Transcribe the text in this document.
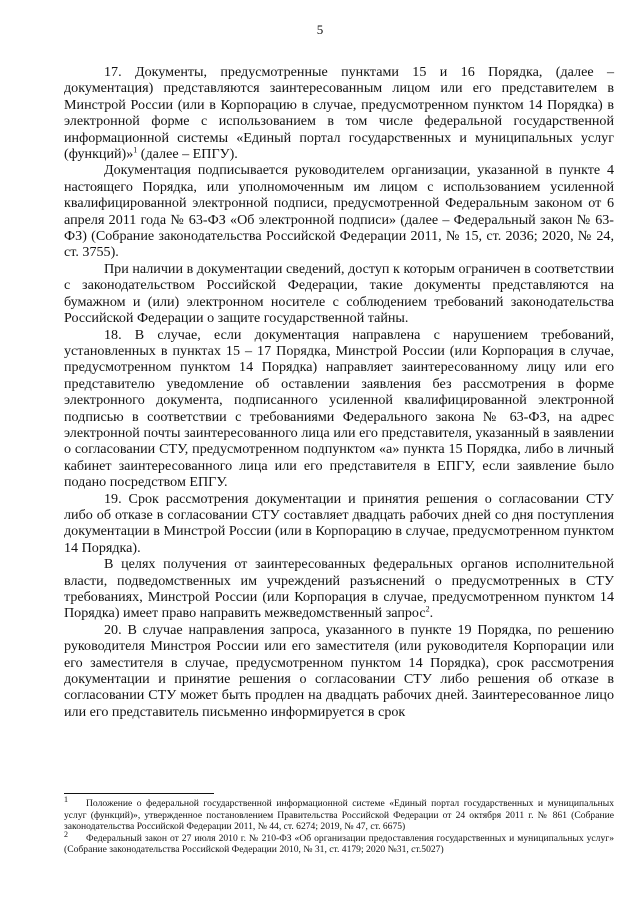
5

17. Документы, предусмотренные пунктами 15 и 16 Порядка, (далее – документация) представляются заинтересованным лицом или его представителем в Минстрой России (или в Корпорацию в случае, предусмотренном пунктом 14 Порядка) в электронной форме с использованием в том числе федеральной государственной информационной системы «Единый портал государственных и муниципальных услуг (функций)»$^1$ (далее – ЕПГУ).

Документация подписывается руководителем организации, указанной в пункте 4 настоящего Порядка, или уполномоченным им лицом с использованием усиленной квалифицированной электронной подписи, предусмотренной Федеральным законом от 6 апреля 2011 года № 63-ФЗ «Об электронной подписи» (далее – Федеральный закон № 63-ФЗ) (Собрание законодательства Российской Федерации 2011, № 15, ст. 2036; 2020, № 24, ст. 3755).

При наличии в документации сведений, доступ к которым ограничен в соответствии с законодательством Российской Федерации, такие документы представляются на бумажном и (или) электронном носителе с соблюдением требований законодательства Российской Федерации о защите государственной тайны.

18. В случае, если документация направлена с нарушением требований, установленных в пунктах 15 – 17 Порядка, Минстрой России (или Корпорация в случае, предусмотренном пунктом 14 Порядка) направляет заинтересованному лицу или его представителю уведомление об оставлении заявления без рассмотрения в форме электронного документа, подписанного усиленной квалифицированной электронной подписью в соответствии с требованиями Федерального закона № 63-ФЗ, на адрес электронной почты заинтересованного лица или его представителя, указанный в заявлении о согласовании СТУ, предусмотренном подпунктом «а» пункта 15 Порядка, либо в личный кабинет заинтересованного лица или его представителя в ЕПГУ, если заявление было подано посредством ЕПГУ.

19. Срок рассмотрения документации и принятия решения о согласовании СТУ либо об отказе в согласовании СТУ составляет двадцать рабочих дней со дня поступления документации в Минстрой России (или в Корпорацию в случае, предусмотренном пунктом 14 Порядка).

В целях получения от заинтересованных федеральных органов исполнительной власти, подведомственных им учреждений разъяснений о предусмотренных в СТУ требованиях, Минстрой России (или Корпорация в случае, предусмотренном пунктом 14 Порядка) имеет право направить межведомственный запрос$^2$.

20. В случае направления запроса, указанного в пункте 19 Порядка, по решению руководителя Минстроя России или его заместителя (или руководителя Корпорации или его заместителя в случае, предусмотренном пунктом 14 Порядка), срок рассмотрения документации и принятие решения о согласовании СТУ либо решения об отказе в согласовании СТУ может быть продлен на двадцать рабочих дней. Заинтересованное лицо или его представитель письменно информируется в срок

$^1$ Положение о федеральной государственной информационной системе «Единый портал государственных и муниципальных услуг (функций)», утвержденное постановлением Правительства Российской Федерации от 24 октября 2011 г. № 861 (Собрание законодательства Российской Федерации 2011, № 44, ст. 6274; 2019, № 47, ст. 6675)

$^2$ Федеральный закон от 27 июля 2010 г. № 210-ФЗ «Об организации предоставления государственных и муниципальных услуг» (Собрание законодательства Российской Федерации 2010, № 31, ст. 4179; 2020 №31, ст.5027)
